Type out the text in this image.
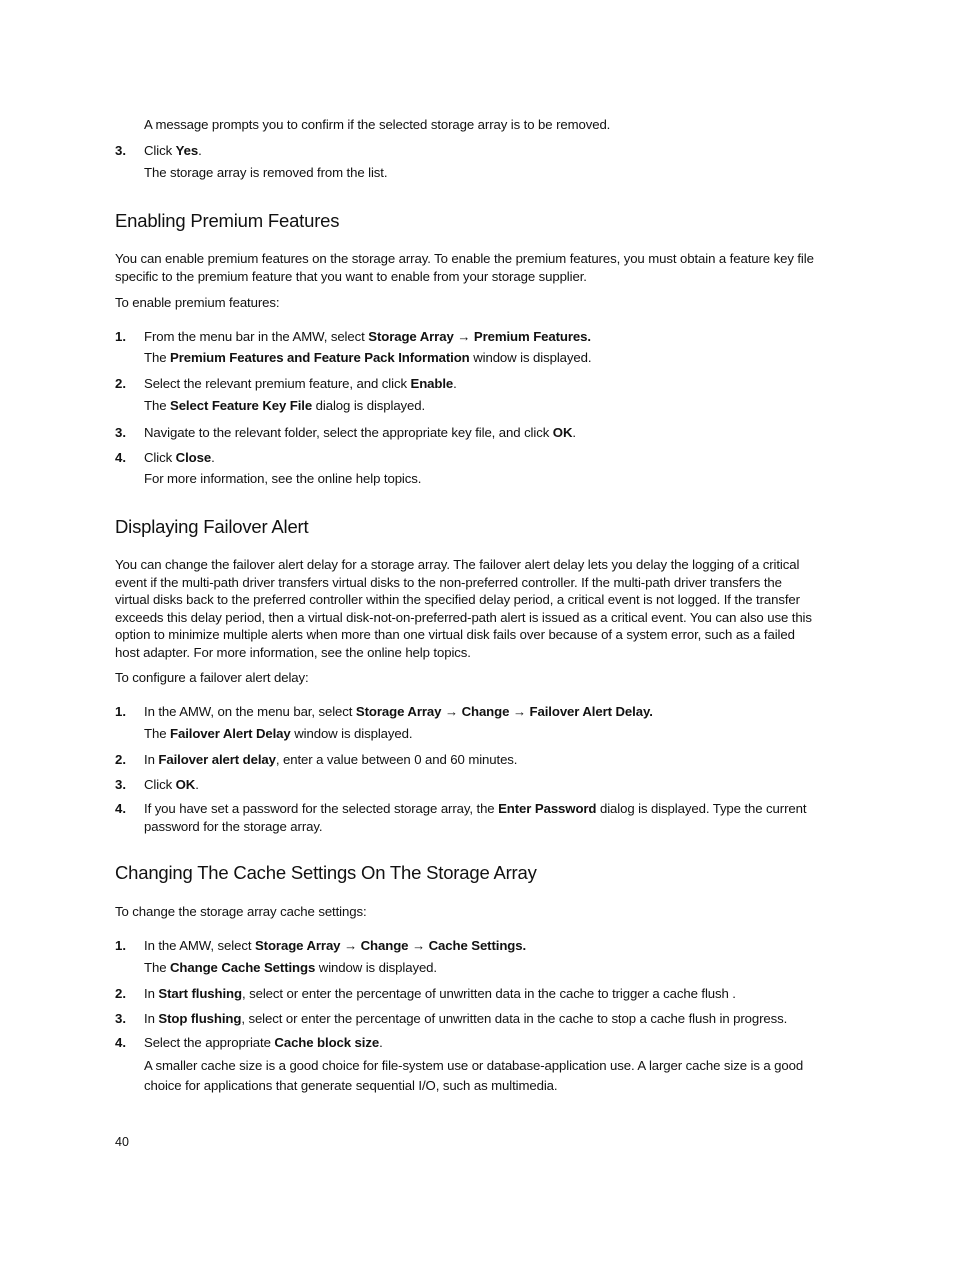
A message prompts you to confirm if the selected storage array is to be removed.
3. Click Yes.
The storage array is removed from the list.
Enabling Premium Features
You can enable premium features on the storage array. To enable the premium features, you must obtain a feature key file specific to the premium feature that you want to enable from your storage supplier.
To enable premium features:
1. From the menu bar in the AMW, select Storage Array → Premium Features.
The Premium Features and Feature Pack Information window is displayed.
2. Select the relevant premium feature, and click Enable.
The Select Feature Key File dialog is displayed.
3. Navigate to the relevant folder, select the appropriate key file, and click OK.
4. Click Close.
For more information, see the online help topics.
Displaying Failover Alert
You can change the failover alert delay for a storage array. The failover alert delay lets you delay the logging of a critical event if the multi-path driver transfers virtual disks to the non-preferred controller. If the multi-path driver transfers the virtual disks back to the preferred controller within the specified delay period, a critical event is not logged. If the transfer exceeds this delay period, then a virtual disk-not-on-preferred-path alert is issued as a critical event. You can also use this option to minimize multiple alerts when more than one virtual disk fails over because of a system error, such as a failed host adapter. For more information, see the online help topics.
To configure a failover alert delay:
1. In the AMW, on the menu bar, select Storage Array → Change → Failover Alert Delay.
The Failover Alert Delay window is displayed.
2. In Failover alert delay, enter a value between 0 and 60 minutes.
3. Click OK.
4. If you have set a password for the selected storage array, the Enter Password dialog is displayed. Type the current password for the storage array.
Changing The Cache Settings On The Storage Array
To change the storage array cache settings:
1. In the AMW, select Storage Array → Change → Cache Settings.
The Change Cache Settings window is displayed.
2. In Start flushing, select or enter the percentage of unwritten data in the cache to trigger a cache flush .
3. In Stop flushing, select or enter the percentage of unwritten data in the cache to stop a cache flush in progress.
4. Select the appropriate Cache block size.
A smaller cache size is a good choice for file-system use or database-application use. A larger cache size is a good choice for applications that generate sequential I/O, such as multimedia.
40
